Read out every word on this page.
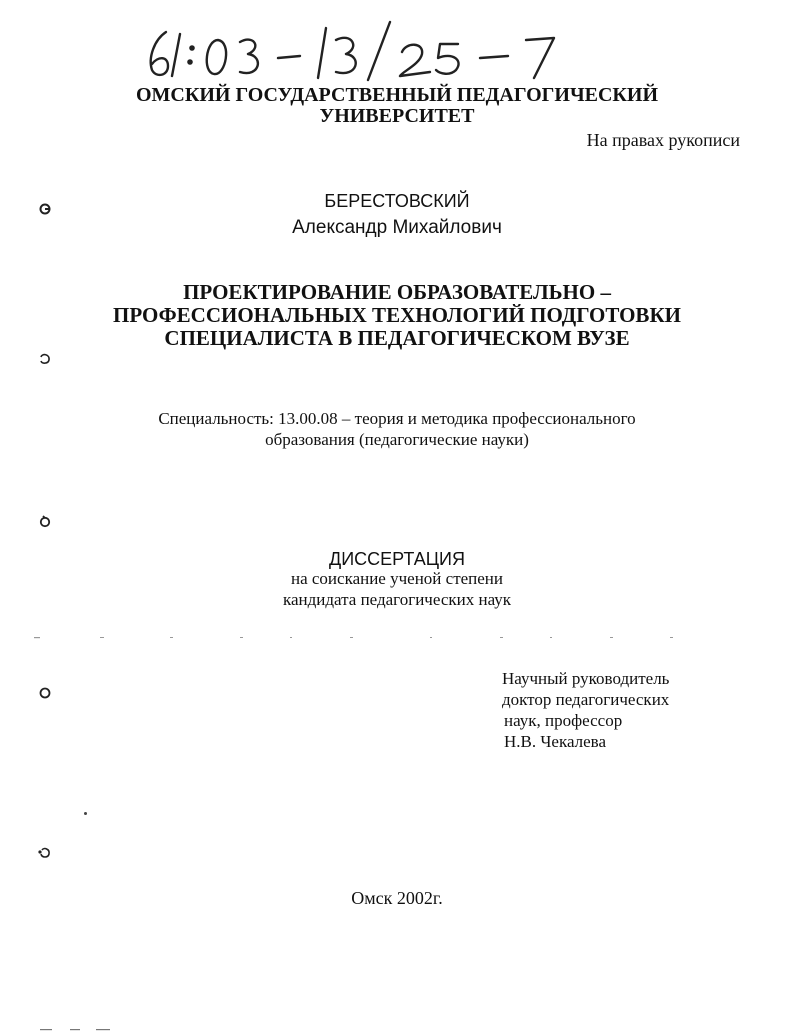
ОМСКИЙ ГОСУДАРСТВЕННЫЙ ПЕДАГОГИЧЕСКИЙ
УНИВЕРСИТЕТ
На правах рукописи
БЕРЕСТОВСКИЙ
Александр Михайлович
ПРОЕКТИРОВАНИЕ ОБРАЗОВАТЕЛЬНО –
ПРОФЕССИОНАЛЬНЫХ ТЕХНОЛОГИЙ ПОДГОТОВКИ
СПЕЦИАЛИСТА В ПЕДАГОГИЧЕСКОМ ВУЗЕ
Специальность: 13.00.08 – теория и методика профессионального
образования (педагогические науки)
ДИССЕРТАЦИЯ
на соискание ученой степени
кандидата педагогических наук
Научный руководитель
доктор педагогических
наук, профессор
Н.В. Чекалева
Омск 2002г.
